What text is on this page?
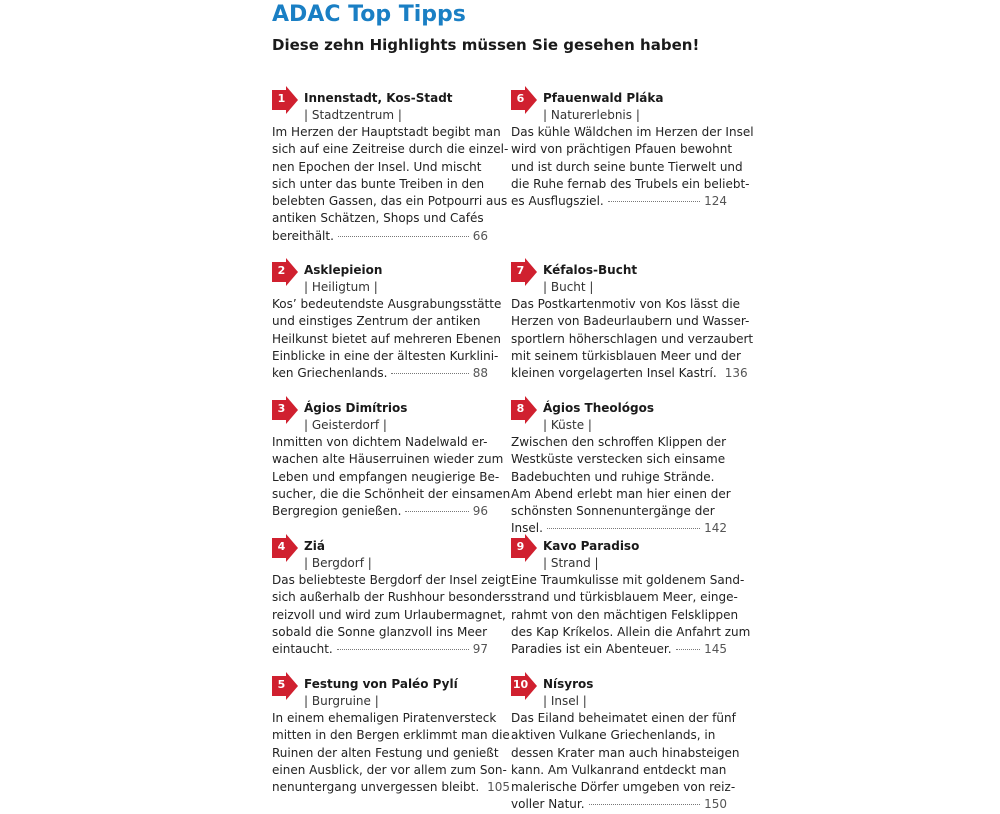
ADAC Top Tipps
Diese zehn Highlights müssen Sie gesehen haben!
1	Innenstadt, Kos-Stadt
| Stadtzentrum |
Im Herzen der Hauptstadt begibt man
sich auf eine Zeitreise durch die einzel-
nen Epochen der Insel. Und mischt
sich unter das bunte Treiben in den
belebten Gassen, das ein Potpourri aus
antiken Schätzen, Shops und Cafés
bereithält.	66
2	Asklepieion
| Heiligtum |
Kos’ bedeutendste Ausgrabungsstätte
und einstiges Zentrum der antiken
Heilkunst bietet auf mehreren Ebenen
Einblicke in eine der ältesten Kurklini-
ken Griechenlands.	88
3	Ágios Dimítrios
| Geisterdorf |
Inmitten von dichtem Nadelwald er-
wachen alte Häuserruinen wieder zum
Leben und empfangen neugierige Be-
sucher, die die Schönheit der einsamen
Bergregion genießen.	96
4	Ziá
| Bergdorf |
Das beliebteste Bergdorf der Insel zeigt
sich außerhalb der Rushhour besonders
reizvoll und wird zum Urlaubermagnet,
sobald die Sonne glanzvoll ins Meer
eintaucht.	97
5	Festung von Paléo Pylí
| Burgruine |
In einem ehemaligen Piratenversteck
mitten in den Bergen erklimmt man die
Ruinen der alten Festung und genießt
einen Ausblick, der vor allem zum Son-
nenuntergang unvergessen bleibt. 105
6	Pfauenwald Pláka
| Naturerlebnis |
Das kühle Wäldchen im Herzen der Insel
wird von prächtigen Pfauen bewohnt
und ist durch seine bunte Tierwelt und
die Ruhe fernab des Trubels ein beliebt-
es Ausflugsziel.	124
7	Kéfalos-Bucht
| Bucht |
Das Postkartenmotiv von Kos lässt die
Herzen von Badeurlaubern und Wasser-
sportlern höherschlagen und verzaubert
mit seinem türkisblauen Meer und der
kleinen vorgelagerten Insel Kastrí. 136
8	Ágios Theológos
| Küste |
Zwischen den schroffen Klippen der
Westküste verstecken sich einsame
Badebuchten und ruhige Strände.
Am Abend erlebt man hier einen der
schönsten Sonnenuntergänge der
Insel.	142
9	Kavo Paradiso
| Strand |
Eine Traumkulisse mit goldenem Sand-
strand und türkisblauem Meer, einge-
rahmt von den mächtigen Felsklippen
des Kap Kríkelos. Allein die Anfahrt zum
Paradies ist ein Abenteuer.	145
10 Nísyros
| Insel |
Das Eiland beheimatet einen der fünf
aktiven Vulkane Griechenlands, in
dessen Krater man auch hinabsteigen
kann. Am Vulkanrand entdeckt man
malerische Dörfer umgeben von reiz-
voller Natur.	150
